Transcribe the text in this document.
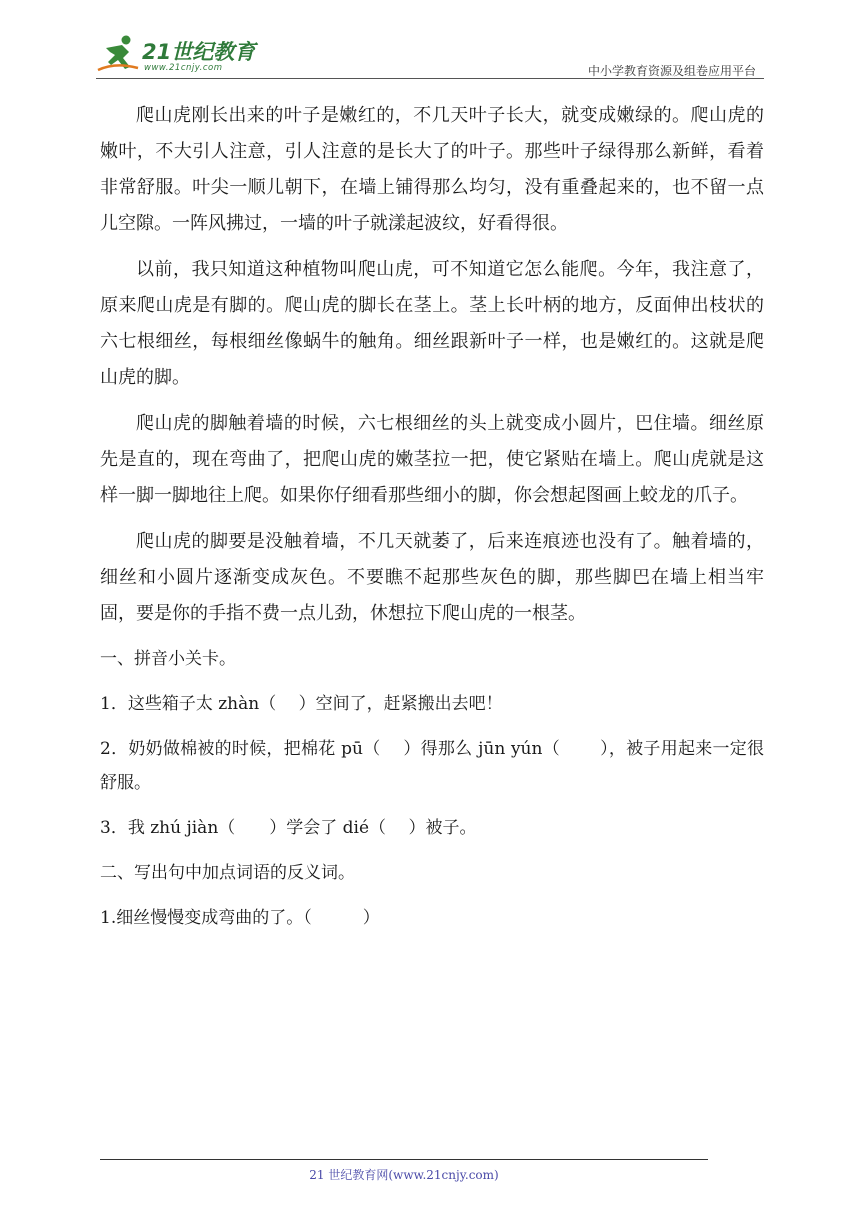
21世纪教育
www.21cnjy.com	中小学教育资源及组卷应用平台

爬山虎刚长出来的叶子是嫩红的，不几天叶子长大，就变成嫩绿的。爬山虎的嫩叶，不大引人注意，引人注意的是长大了的叶子。那些叶子绿得那么新鲜，看着非常舒服。叶尖一顺儿朝下，在墙上铺得那么均匀，没有重叠起来的，也不留一点儿空隙。一阵风拂过，一墙的叶子就漾起波纹，好看得很。

以前，我只知道这种植物叫爬山虎，可不知道它怎么能爬。今年，我注意了，原来爬山虎是有脚的。爬山虎的脚长在茎上。茎上长叶柄的地方，反面伸出枝状的六七根细丝，每根细丝像蜗牛的触角。细丝跟新叶子一样，也是嫩红的。这就是爬山虎的脚。

爬山虎的脚触着墙的时候，六七根细丝的头上就变成小圆片，巴住墙。细丝原先是直的，现在弯曲了，把爬山虎的嫩茎拉一把，使它紧贴在墙上。爬山虎就是这样一脚一脚地往上爬。如果你仔细看那些细小的脚，你会想起图画上蛟龙的爪子。

爬山虎的脚要是没触着墙，不几天就萎了，后来连痕迹也没有了。触着墙的，细丝和小圆片逐渐变成灰色。不要瞧不起那些灰色的脚，那些脚巴在墙上相当牢固，要是你的手指不费一点儿劲，休想拉下爬山虎的一根茎。

一、拼音小关卡。

1．这些箱子太 zhàn（　 ）空间了，赶紧搬出去吧！

2．奶奶做棉被的时候，把棉花 pū（　 ）得那么 jūn yún（　　 ），被子用起来一定很舒服。

3．我 zhú jiàn（　　）学会了 dié（　 ）被子。

二、写出句中加点词语的反义词。

1.细丝慢慢变成弯曲的了。（　　　）

21 世纪教育网(www.21cnjy.com)
